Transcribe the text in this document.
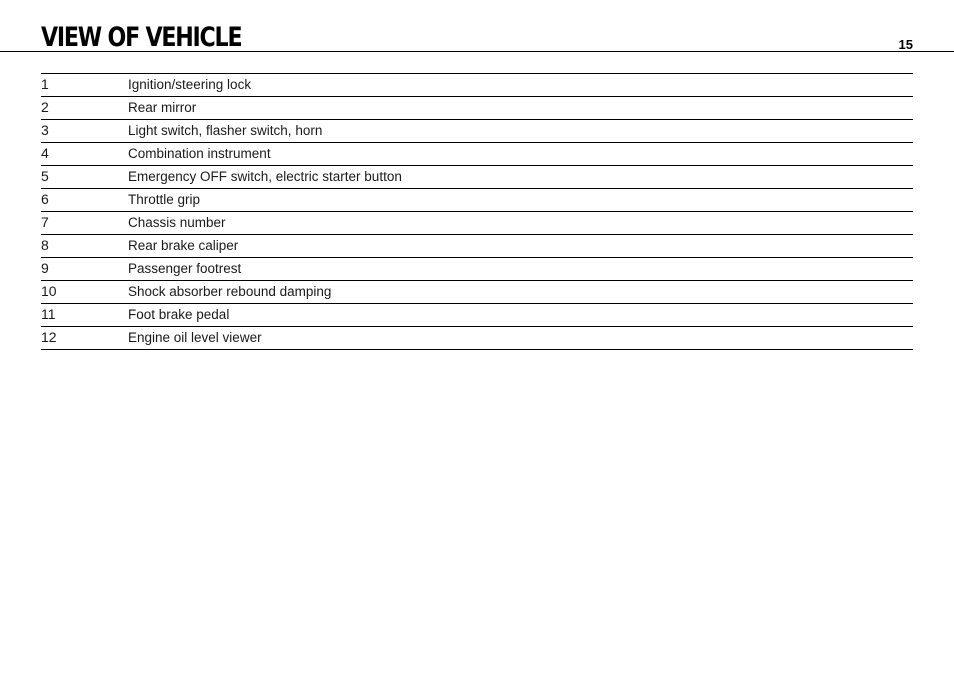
VIEW OF VEHICLE	15
1	Ignition/steering lock
2	Rear mirror
3	Light switch, flasher switch, horn
4	Combination instrument
5	Emergency OFF switch, electric starter button
6	Throttle grip
7	Chassis number
8	Rear brake caliper
9	Passenger footrest
10	Shock absorber rebound damping
11	Foot brake pedal
12	Engine oil level viewer
